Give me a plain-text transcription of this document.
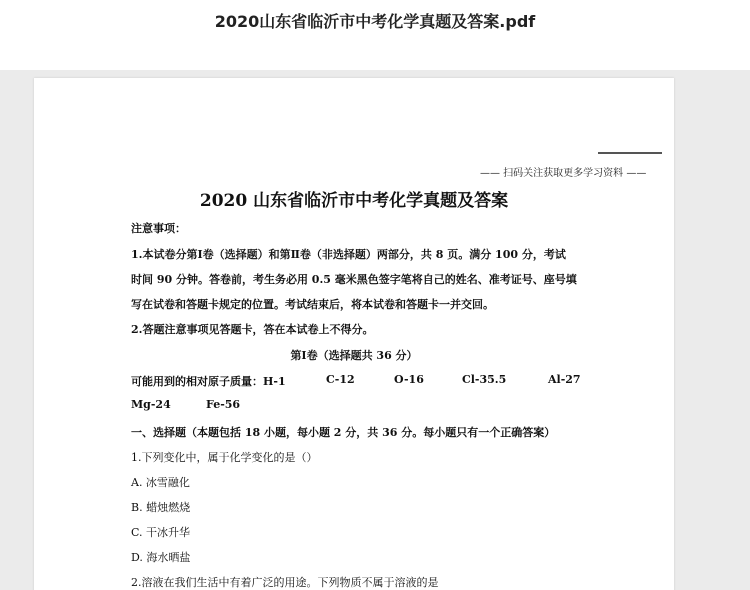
2020山东省临沂市中考化学真题及答案.pdf
—— 扫码关注获取更多学习资料 ——
2020 山东省临沂市中考化学真题及答案
注意事项：
1.本试卷分第Ⅰ卷（选择题）和第Ⅱ卷（非选择题）两部分，共 8 页。满分 100 分，考试
时间 90 分钟。答卷前，考生务必用 0.5 毫米黑色签字笔将自己的姓名、准考证号、座号填
写在试卷和答题卡规定的位置。考试结束后，将本试卷和答题卡一并交回。
2.答题注意事项见答题卡，答在本试卷上不得分。
第Ⅰ卷（选择题共 36 分）
可能用到的相对原子质量：H-1	C-12	O-16	Cl-35.5	Al-27
Mg-24	Fe-56
一、选择题（本题包括 18 小题，每小题 2 分，共 36 分。每小题只有一个正确答案）
1.下列变化中，属于化学变化的是（）
A. 冰雪融化
B. 蜡烛燃烧
C. 干冰升华
D. 海水晒盐
2.溶液在我们生活中有着广泛的用途。下列物质不属于溶液的是
